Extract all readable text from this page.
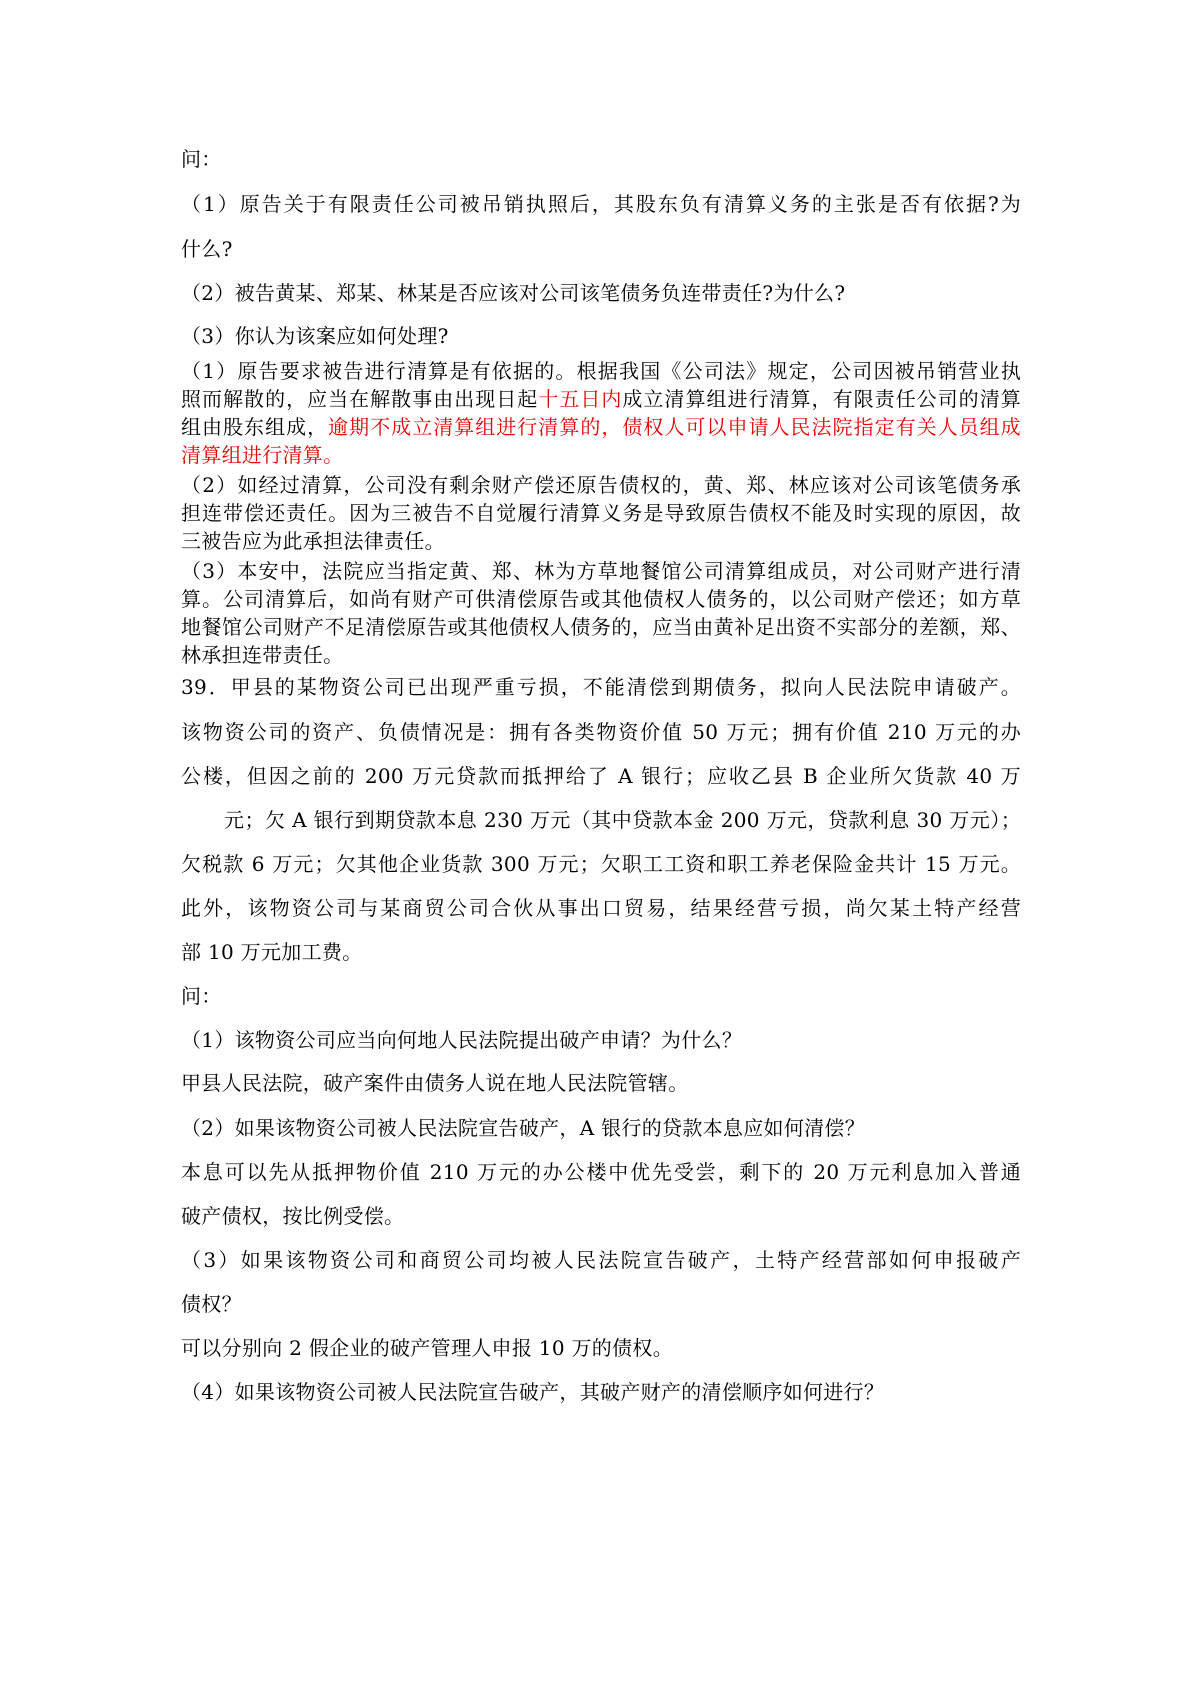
问：
（1）原告关于有限责任公司被吊销执照后，其股东负有清算义务的主张是否有依据?为
什么?
（2）被告黄某、郑某、林某是否应该对公司该笔债务负连带责任?为什么?
（3）你认为该案应如何处理?
（1）原告要求被告进行清算是有依据的。根据我国《公司法》规定，公司因被吊销营业执
照而解散的，应当在解散事由出现日起十五日内成立清算组进行清算，有限责任公司的清算
组由股东组成，逾期不成立清算组进行清算的，债权人可以申请人民法院指定有关人员组成
清算组进行清算。
（2）如经过清算，公司没有剩余财产偿还原告债权的，黄、郑、林应该对公司该笔债务承
担连带偿还责任。因为三被告不自觉履行清算义务是导致原告债权不能及时实现的原因，故
三被告应为此承担法律责任。
（3）本安中，法院应当指定黄、郑、林为方草地餐馆公司清算组成员，对公司财产进行清
算。公司清算后，如尚有财产可供清偿原告或其他债权人债务的，以公司财产偿还；如方草
地餐馆公司财产不足清偿原告或其他债权人债务的，应当由黄补足出资不实部分的差额，郑、
林承担连带责任。
39．甲县的某物资公司已出现严重亏损，不能清偿到期债务，拟向人民法院申请破产。
该物资公司的资产、负债情况是：拥有各类物资价值 50 万元；拥有价值 210 万元的办
公楼，但因之前的 200 万元贷款而抵押给了 A 银行；应收乙县 B 企业所欠货款 40 万
元；欠 A 银行到期贷款本息 230 万元（其中贷款本金 200 万元，贷款利息 30 万元）；
欠税款 6 万元；欠其他企业货款 300 万元；欠职工工资和职工养老保险金共计 15 万元。
此外，该物资公司与某商贸公司合伙从事出口贸易，结果经营亏损，尚欠某土特产经营
部 10 万元加工费。
问：
（1）该物资公司应当向何地人民法院提出破产申请？为什么？
甲县人民法院，破产案件由债务人说在地人民法院管辖。
（2）如果该物资公司被人民法院宣告破产，A 银行的贷款本息应如何清偿？
本息可以先从抵押物价值 210 万元的办公楼中优先受尝，剩下的 20 万元利息加入普通
破产债权，按比例受偿。
（3）如果该物资公司和商贸公司均被人民法院宣告破产，土特产经营部如何申报破产
债权？
可以分别向 2 假企业的破产管理人申报 10 万的债权。
（4）如果该物资公司被人民法院宣告破产，其破产财产的清偿顺序如何进行？
